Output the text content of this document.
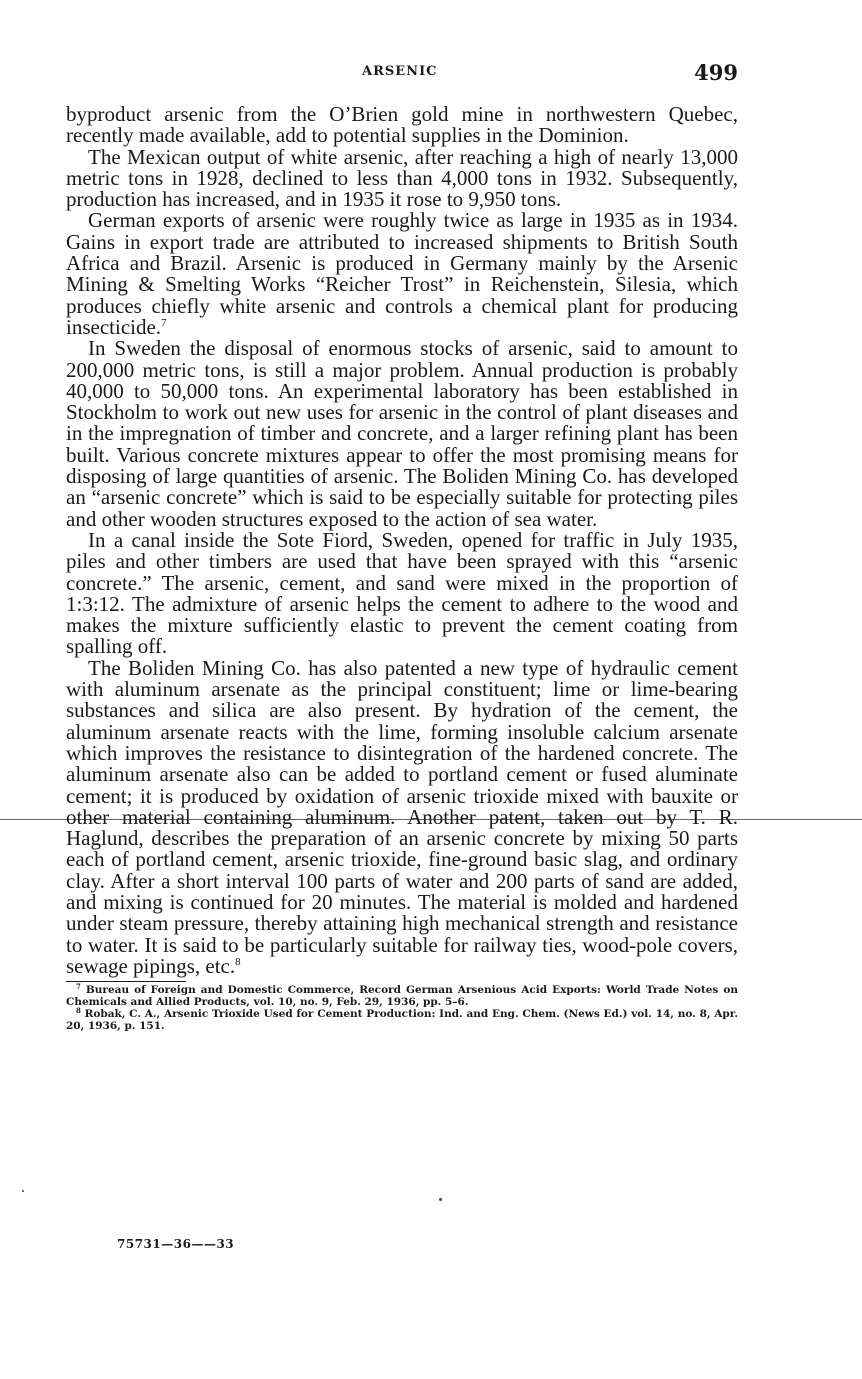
ARSENIC	499

byproduct arsenic from the O’Brien gold mine in northwestern Quebec, recently made available, add to potential supplies in the Dominion.

The Mexican output of white arsenic, after reaching a high of nearly 13,000 metric tons in 1928, declined to less than 4,000 tons in 1932. Subsequently, production has increased, and in 1935 it rose to 9,950 tons.

German exports of arsenic were roughly twice as large in 1935 as in 1934. Gains in export trade are attributed to increased shipments to British South Africa and Brazil. Arsenic is produced in Germany mainly by the Arsenic Mining & Smelting Works “Reicher Trost” in Reichenstein, Silesia, which produces chiefly white arsenic and controls a chemical plant for producing insecticide.$^7$

In Sweden the disposal of enormous stocks of arsenic, said to amount to 200,000 metric tons, is still a major problem. Annual production is probably 40,000 to 50,000 tons. An experimental laboratory has been established in Stockholm to work out new uses for arsenic in the control of plant diseases and in the impregnation of timber and concrete, and a larger refining plant has been built. Various concrete mixtures appear to offer the most promising means for disposing of large quantities of arsenic. The Boliden Mining Co. has developed an “arsenic concrete” which is said to be especially suitable for protecting piles and other wooden structures exposed to the action of sea water.

In a canal inside the Sote Fiord, Sweden, opened for traffic in July 1935, piles and other timbers are used that have been sprayed with this “arsenic concrete.” The arsenic, cement, and sand were mixed in the proportion of 1:3:12. The admixture of arsenic helps the cement to adhere to the wood and makes the mixture sufficiently elastic to prevent the cement coating from spalling off.

The Boliden Mining Co. has also patented a new type of hydraulic cement with aluminum arsenate as the principal constituent; lime or lime-bearing substances and silica are also present. By hydration of the cement, the aluminum arsenate reacts with the lime, forming insoluble calcium arsenate which improves the resistance to disintegration of the hardened concrete. The aluminum arsenate also can be added to portland cement or fused aluminate cement; it is produced by oxidation of arsenic trioxide mixed with bauxite or other material containing aluminum. Another patent, taken out by T. R. Haglund, describes the preparation of an arsenic concrete by mixing 50 parts each of portland cement, arsenic trioxide, fine-ground basic slag, and ordinary clay. After a short interval 100 parts of water and 200 parts of sand are added, and mixing is continued for 20 minutes. The material is molded and hardened under steam pressure, thereby attaining high mechanical strength and resistance to water. It is said to be particularly suitable for railway ties, wood-pole covers, sewage pipings, etc.$^8$

$^7$ Bureau of Foreign and Domestic Commerce, Record German Arsenious Acid Exports: World Trade Notes on Chemicals and Allied Products, vol. 10, no. 9, Feb. 29, 1936, pp. 5–6.

$^8$ Robak, C. A., Arsenic Trioxide Used for Cement Production: Ind. and Eng. Chem. (News Ed.) vol. 14, no. 8, Apr. 20, 1936, p. 151.

75731—36——33
